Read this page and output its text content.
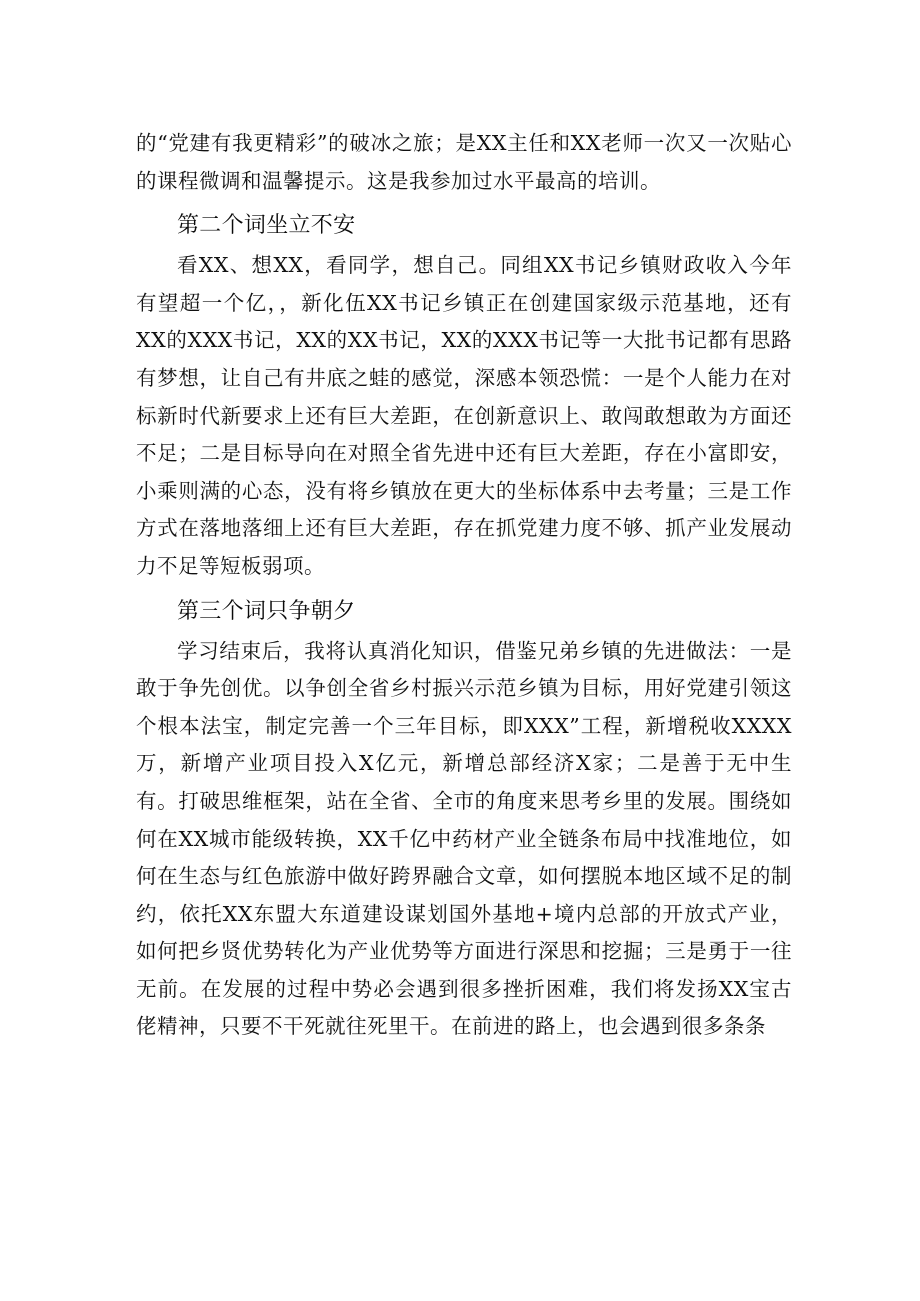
的“党建有我更精彩”的破冰之旅；是XX主任和XX老师一次又一次贴心的课程微调和温馨提示。这是我参加过水平最高的培训。

第二个词坐立不安

看XX、想XX，看同学，想自己。同组XX书记乡镇财政收入今年有望超一个亿，，新化伍XX书记乡镇正在创建国家级示范基地，还有XX的XXX书记，XX的XX书记，XX的XXX书记等一大批书记都有思路有梦想，让自己有井底之蛙的感觉，深感本领恐慌：一是个人能力在对标新时代新要求上还有巨大差距，在创新意识上、敢闯敢想敢为方面还不足；二是目标导向在对照全省先进中还有巨大差距，存在小富即安，小乘则满的心态，没有将乡镇放在更大的坐标体系中去考量；三是工作方式在落地落细上还有巨大差距，存在抓党建力度不够、抓产业发展动力不足等短板弱项。

第三个词只争朝夕

学习结束后，我将认真消化知识，借鉴兄弟乡镇的先进做法：一是敢于争先创优。以争创全省乡村振兴示范乡镇为目标，用好党建引领这个根本法宝，制定完善一个三年目标，即XXX”工程，新增税收XXXX万，新增产业项目投入X亿元，新增总部经济X家；二是善于无中生有。打破思维框架，站在全省、全市的角度来思考乡里的发展。围绕如何在XX城市能级转换，XX千亿中药材产业全链条布局中找准地位，如何在生态与红色旅游中做好跨界融合文章，如何摆脱本地区域不足的制约，依托XX东盟大东道建设谋划国外基地+境内总部的开放式产业，如何把乡贤优势转化为产业优势等方面进行深思和挖掘；三是勇于一往无前。在发展的过程中势必会遇到很多挫折困难，我们将发扬XX宝古佬精神，只要不干死就往死里干。在前进的路上，也会遇到很多条条
